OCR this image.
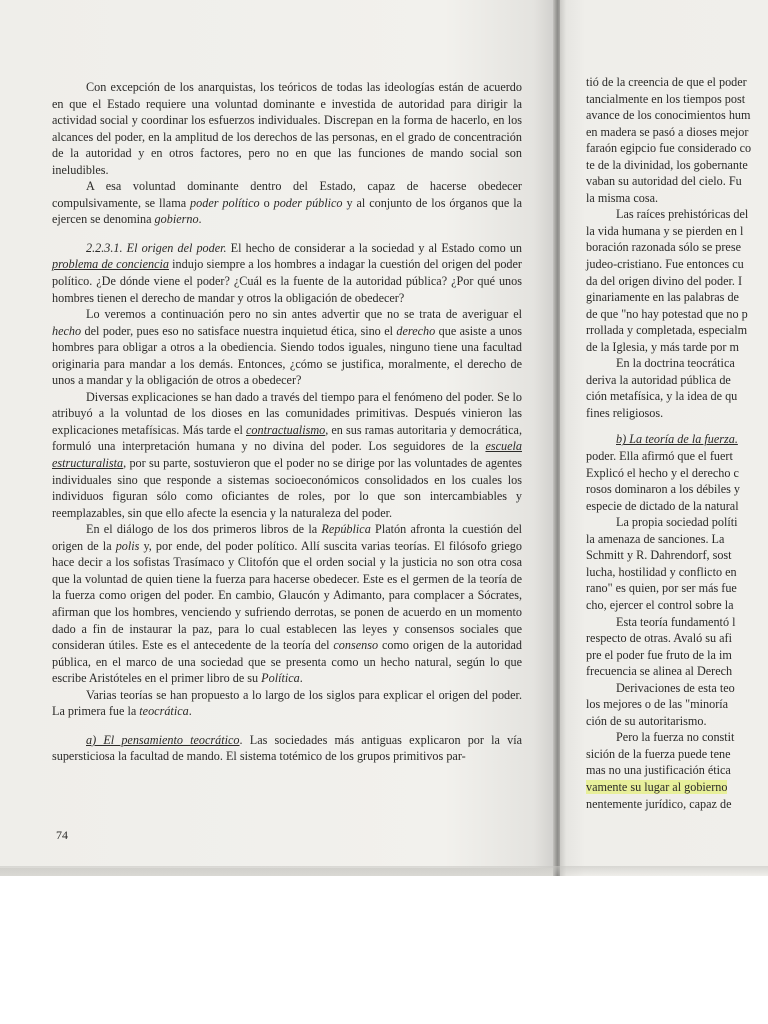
Con excepción de los anarquistas, los teóricos de todas las ideologías están de acuerdo en que el Estado requiere una voluntad dominante e investida de autoridad para dirigir la actividad social y coordinar los esfuerzos individuales. Discrepan en la forma de hacerlo, en los alcances del poder, en la amplitud de los derechos de las personas, en el grado de concentración de la autoridad y en otros factores, pero no en que las funciones de mando social son ineludibles.

A esa voluntad dominante dentro del Estado, capaz de hacerse obedecer compulsivamente, se llama poder político o poder público y al conjunto de los órganos que la ejercen se denomina gobierno.

2.2.3.1. El origen del poder. El hecho de considerar a la sociedad y al Estado como un problema de conciencia indujo siempre a los hombres a indagar la cuestión del origen del poder político. ¿De dónde viene el poder? ¿Cuál es la fuente de la autoridad pública? ¿Por qué unos hombres tienen el derecho de mandar y otros la obligación de obedecer?

Lo veremos a continuación pero no sin antes advertir que no se trata de averiguar el hecho del poder, pues eso no satisface nuestra inquietud ética, sino el derecho que asiste a unos hombres para obligar a otros a la obediencia. Siendo todos iguales, ninguno tiene una facultad originaria para mandar a los demás. Entonces, ¿cómo se justifica, moralmente, el derecho de unos a mandar y la obligación de otros a obedecer?

Diversas explicaciones se han dado a través del tiempo para el fenómeno del poder. Se lo atribuyó a la voluntad de los dioses en las comunidades primitivas. Después vinieron las explicaciones metafísicas. Más tarde el contractualismo, en sus ramas autoritaria y democrática, formuló una interpretación humana y no divina del poder. Los seguidores de la escuela estructuralista, por su parte, sostuvieron que el poder no se dirige por las voluntades de agentes individuales sino que responde a sistemas socioeconómicos consolidados en los cuales los individuos figuran sólo como oficiantes de roles, por lo que son intercambiables y reemplazables, sin que ello afecte la esencia y la naturaleza del poder.

En el diálogo de los dos primeros libros de la República Platón afronta la cuestión del origen de la polis y, por ende, del poder político. Allí suscita varias teorías. El filósofo griego hace decir a los sofistas Trasímaco y Clitofón que el orden social y la justicia no son otra cosa que la voluntad de quien tiene la fuerza para hacerse obedecer. Este es el germen de la teoría de la fuerza como origen del poder. En cambio, Glaucón y Adimanto, para complacer a Sócrates, afirman que los hombres, venciendo y sufriendo derrotas, se ponen de acuerdo en un momento dado a fin de instaurar la paz, para lo cual establecen las leyes y consensos sociales que consideran útiles. Este es el antecedente de la teoría del consenso como origen de la autoridad pública, en el marco de una sociedad que se presenta como un hecho natural, según lo que escribe Aristóteles en el primer libro de su Política.

Varias teorías se han propuesto a lo largo de los siglos para explicar el origen del poder. La primera fue la teocrática.

a) El pensamiento teocrático. Las sociedades más antiguas explicaron por la vía supersticiosa la facultad de mando. El sistema totémico de los grupos primitivos par-

74
tió de la creencia de que el poder
tancialmente en los tiempos post
avance de los conocimientos hum
en madera se pasó a dioses mejor
faraón egipcio fue considerado co
te de la divinidad, los gobernante
vaban su autoridad del cielo. Fu
la misma cosa.
Las raíces prehistóricas del
la vida humana y se pierden en l
boración razonada sólo se prese
judeo-cristiano. Fue entonces cu
da del origen divino del poder. I
ginariamente en las palabras de
de que "no hay potestad que no p
rrollada y completada, especialm
de la Iglesia, y más tarde por m
En la doctrina teocrática
deriva la autoridad pública de
ción metafísica, y la idea de qu
fines religiosos.
b) La teoría de la fuerza.
poder. Ella afirmó que el fuert
Explicó el hecho y el derecho c
rosos dominaron a los débiles y
especie de dictado de la natural
La propia sociedad políti
la amenaza de sanciones. La
Schmitt y R. Dahrendorf, sost
lucha, hostilidad y conflicto en
rano" es quien, por ser más fue
cho, ejercer el control sobre la
Esta teoría fundamentó l
respecto de otras. Avaló su afi
pre el poder fue fruto de la im
frecuencia se alinea al Derech
Derivaciones de esta teo
los mejores o de las "minoría
ción de su autoritarismo.
Pero la fuerza no constit
sición de la fuerza puede tene
mas no una justificación ética
vamente su lugar al gobierno
nentemente jurídico, capaz de
